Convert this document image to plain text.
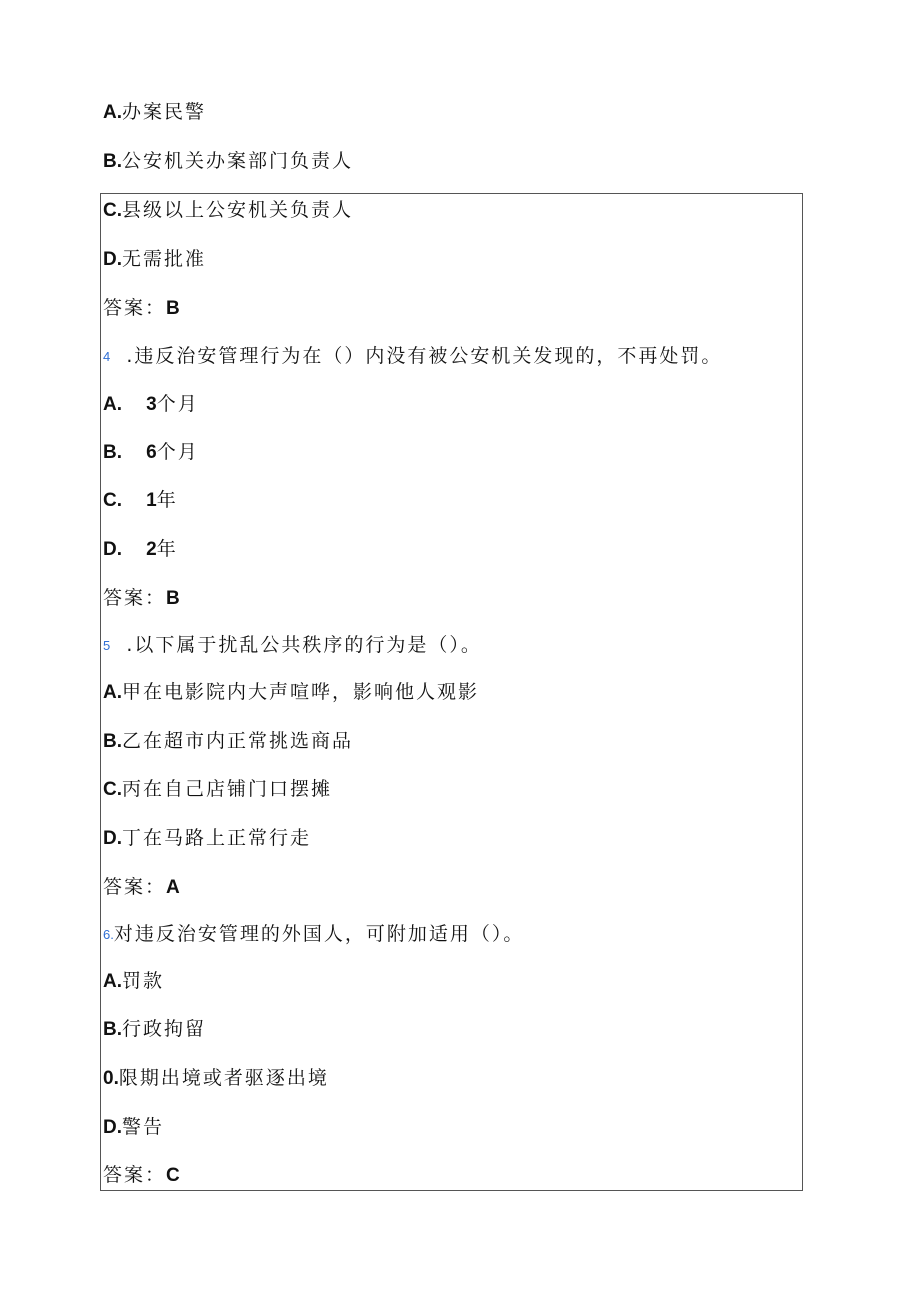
A.办案民警
B.公安机关办案部门负责人
C.县级以上公安机关负责人
D.无需批准
答案：B
4 .违反治安管理行为在（）内没有被公安机关发现的，不再处罚。
A. 3个月
B. 6个月
C. 1年
D. 2年
答案：B
5 .以下属于扰乱公共秩序的行为是（）。
A.甲在电影院内大声喧哗，影响他人观影
B.乙在超市内正常挑选商品
C.丙在自己店铺门口摆摊
D.丁在马路上正常行走
答案：A
6.对违反治安管理的外国人，可附加适用（）。
A.罚款
B.行政拘留
0.限期出境或者驱逐出境
D.警告
答案：C
